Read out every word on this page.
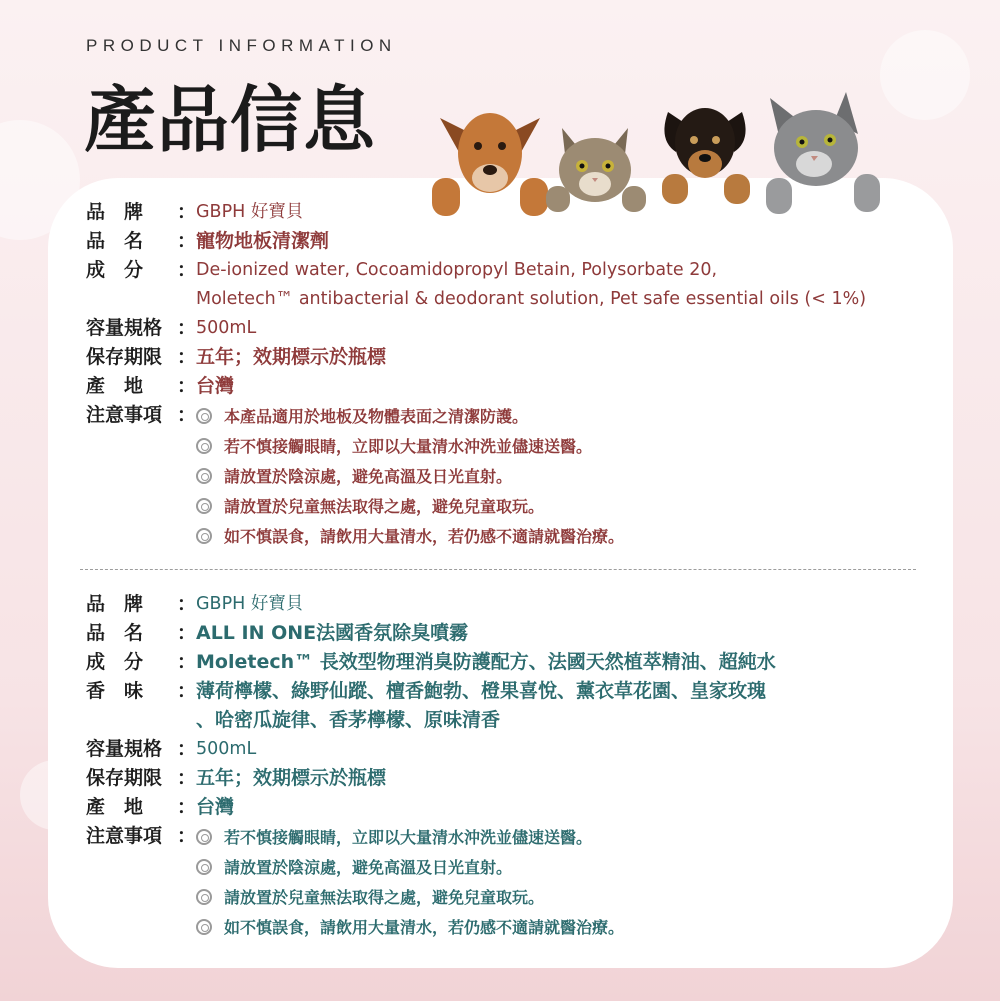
PRODUCT INFORMATION
產品信息
品　牌 ： GBPH 好寶貝
品　名 ： 寵物地板清潔劑
成　分 ： De-ionized water, Cocoamidopropyl Betain, Polysorbate 20,
Moletech™ antibacterial & deodorant solution, Pet safe essential oils (< 1%)
容量規格 ： 500mL
保存期限 ： 五年；效期標示於瓶標
產　地 ： 台灣
注意事項 ： 本產品適用於地板及物體表面之清潔防護。
若不慎接觸眼睛，立即以大量清水沖洗並儘速送醫。
請放置於陰涼處，避免高溫及日光直射。
請放置於兒童無法取得之處，避免兒童取玩。
如不慎誤食，請飲用大量清水，若仍感不適請就醫治療。
品　牌 ： GBPH 好寶貝
品　名 ： ALL IN ONE法國香氛除臭噴霧
成　分 ： Moletech™ 長效型物理消臭防護配方、法國天然植萃精油、超純水
香　味 ： 薄荷檸檬、綠野仙蹤、檀香鮑勃、橙果喜悅、薰衣草花園、皇家玫瑰
、哈密瓜旋律、香茅檸檬、原味清香
容量規格 ： 500mL
保存期限 ： 五年；效期標示於瓶標
產　地 ： 台灣
注意事項 ： 若不慎接觸眼睛，立即以大量清水沖洗並儘速送醫。
請放置於陰涼處，避免高溫及日光直射。
請放置於兒童無法取得之處，避免兒童取玩。
如不慎誤食，請飲用大量清水，若仍感不適請就醫治療。
